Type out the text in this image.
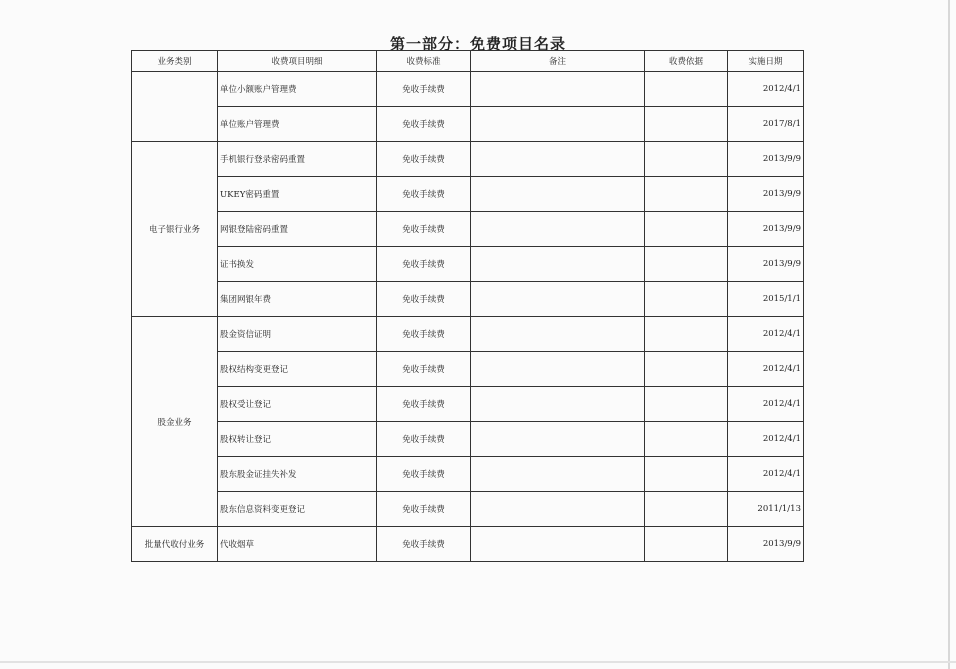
第一部分：免费项目名录
业务类别	收费项目明细	收费标准	备注	收费依据	实施日期
	单位小额账户管理费	免收手续费			2012/4/1
	单位账户管理费	免收手续费			2017/8/1
电子银行业务	手机银行登录密码重置	免收手续费			2013/9/9
	UKEY密码重置	免收手续费			2013/9/9
	网银登陆密码重置	免收手续费			2013/9/9
	证书换发	免收手续费			2013/9/9
	集团网银年费	免收手续费			2015/1/1
股金业务	股金资信证明	免收手续费			2012/4/1
	股权结构变更登记	免收手续费			2012/4/1
	股权受让登记	免收手续费			2012/4/1
	股权转让登记	免收手续费			2012/4/1
	股东股金证挂失补发	免收手续费			2012/4/1
	股东信息资料变更登记	免收手续费			2011/1/13
批量代收付业务	代收烟草	免收手续费			2013/9/9
